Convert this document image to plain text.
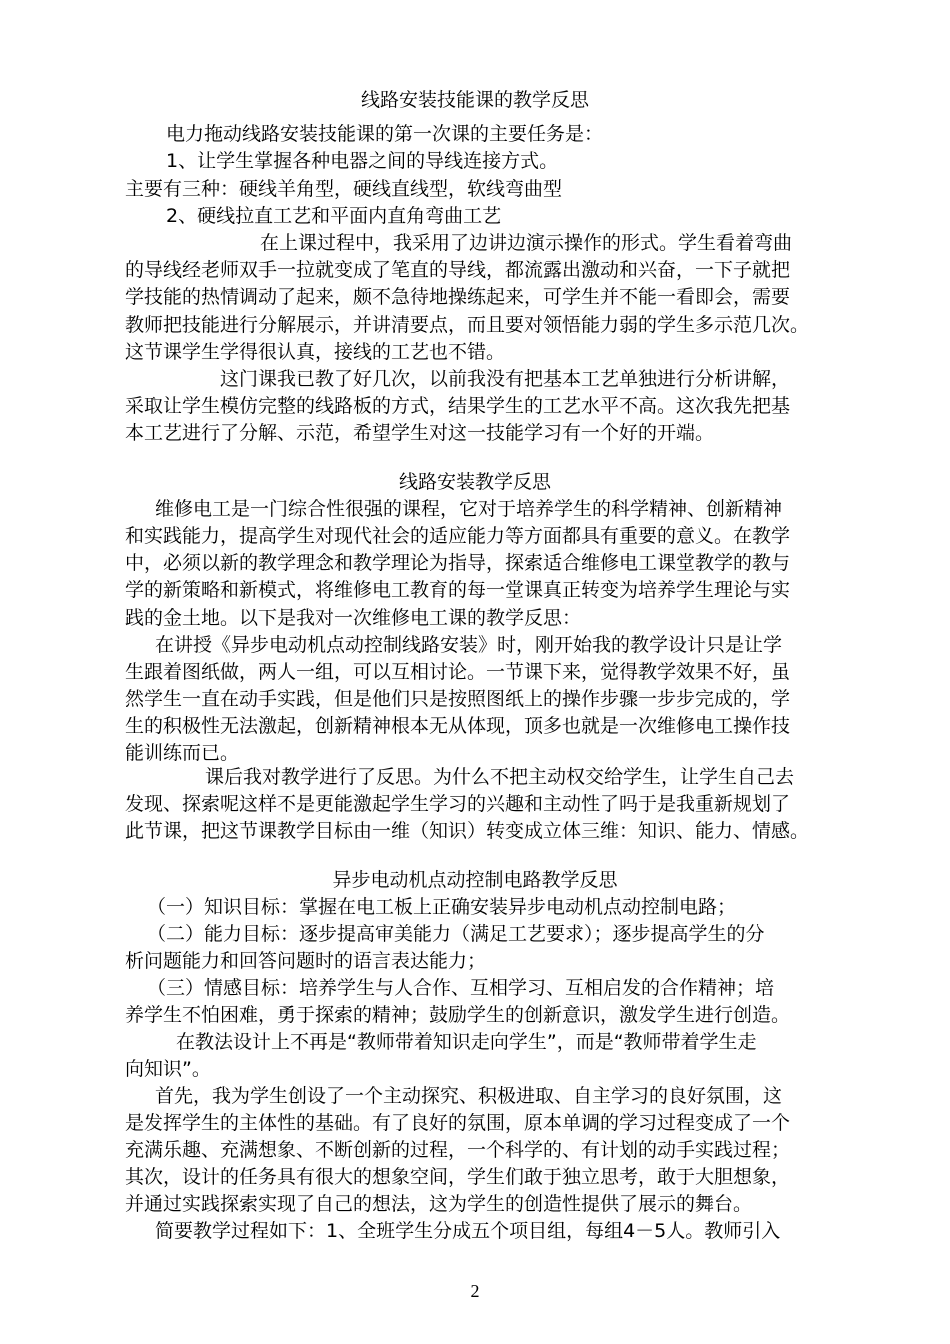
线路安装技能课的教学反思
电力拖动线路安装技能课的第一次课的主要任务是：
1、让学生掌握各种电器之间的导线连接方式。
主要有三种：硬线羊角型，硬线直线型，软线弯曲型
2、硬线拉直工艺和平面内直角弯曲工艺
在上课过程中，我采用了边讲边演示操作的形式。学生看着弯曲
的导线经老师双手一拉就变成了笔直的导线，都流露出激动和兴奋，一下子就把
学技能的热情调动了起来，颇不急待地操练起来，可学生并不能一看即会，需要
教师把技能进行分解展示，并讲清要点，而且要对领悟能力弱的学生多示范几次。
这节课学生学得很认真，接线的工艺也不错。
这门课我已教了好几次，以前我没有把基本工艺单独进行分析讲解，
采取让学生模仿完整的线路板的方式，结果学生的工艺水平不高。这次我先把基
本工艺进行了分解、示范，希望学生对这一技能学习有一个好的开端。
线路安装教学反思
维修电工是一门综合性很强的课程，它对于培养学生的科学精神、创新精神
和实践能力，提高学生对现代社会的适应能力等方面都具有重要的意义。在教学
中，必须以新的教学理念和教学理论为指导，探索适合维修电工课堂教学的教与
学的新策略和新模式，将维修电工教育的每一堂课真正转变为培养学生理论与实
践的金土地。以下是我对一次维修电工课的教学反思：
在讲授《异步电动机点动控制线路安装》时，刚开始我的教学设计只是让学
生跟着图纸做，两人一组，可以互相讨论。一节课下来，觉得教学效果不好，虽
然学生一直在动手实践，但是他们只是按照图纸上的操作步骤一步步完成的，学
生的积极性无法激起，创新精神根本无从体现，顶多也就是一次维修电工操作技
能训练而已。
课后我对教学进行了反思。为什么不把主动权交给学生，让学生自己去
发现、探索呢这样不是更能激起学生学习的兴趣和主动性了吗于是我重新规划了
此节课，把这节课教学目标由一维（知识）转变成立体三维：知识、能力、情感。
异步电动机点动控制电路教学反思
（一）知识目标：掌握在电工板上正确安装异步电动机点动控制电路；
（二）能力目标：逐步提高审美能力（满足工艺要求）；逐步提高学生的分
析问题能力和回答问题时的语言表达能力；
（三）情感目标：培养学生与人合作、互相学习、互相启发的合作精神；培
养学生不怕困难，勇于探索的精神；鼓励学生的创新意识，激发学生进行创造。
在教法设计上不再是“教师带着知识走向学生”，而是“教师带着学生走
向知识”。
首先，我为学生创设了一个主动探究、积极进取、自主学习的良好氛围，这
是发挥学生的主体性的基础。有了良好的氛围，原本单调的学习过程变成了一个
充满乐趣、充满想象、不断创新的过程，一个科学的、有计划的动手实践过程；
其次，设计的任务具有很大的想象空间，学生们敢于独立思考，敢于大胆想象，
并通过实践探索实现了自己的想法，这为学生的创造性提供了展示的舞台。
简要教学过程如下：1、全班学生分成五个项目组，每组4－5人。教师引入
2
